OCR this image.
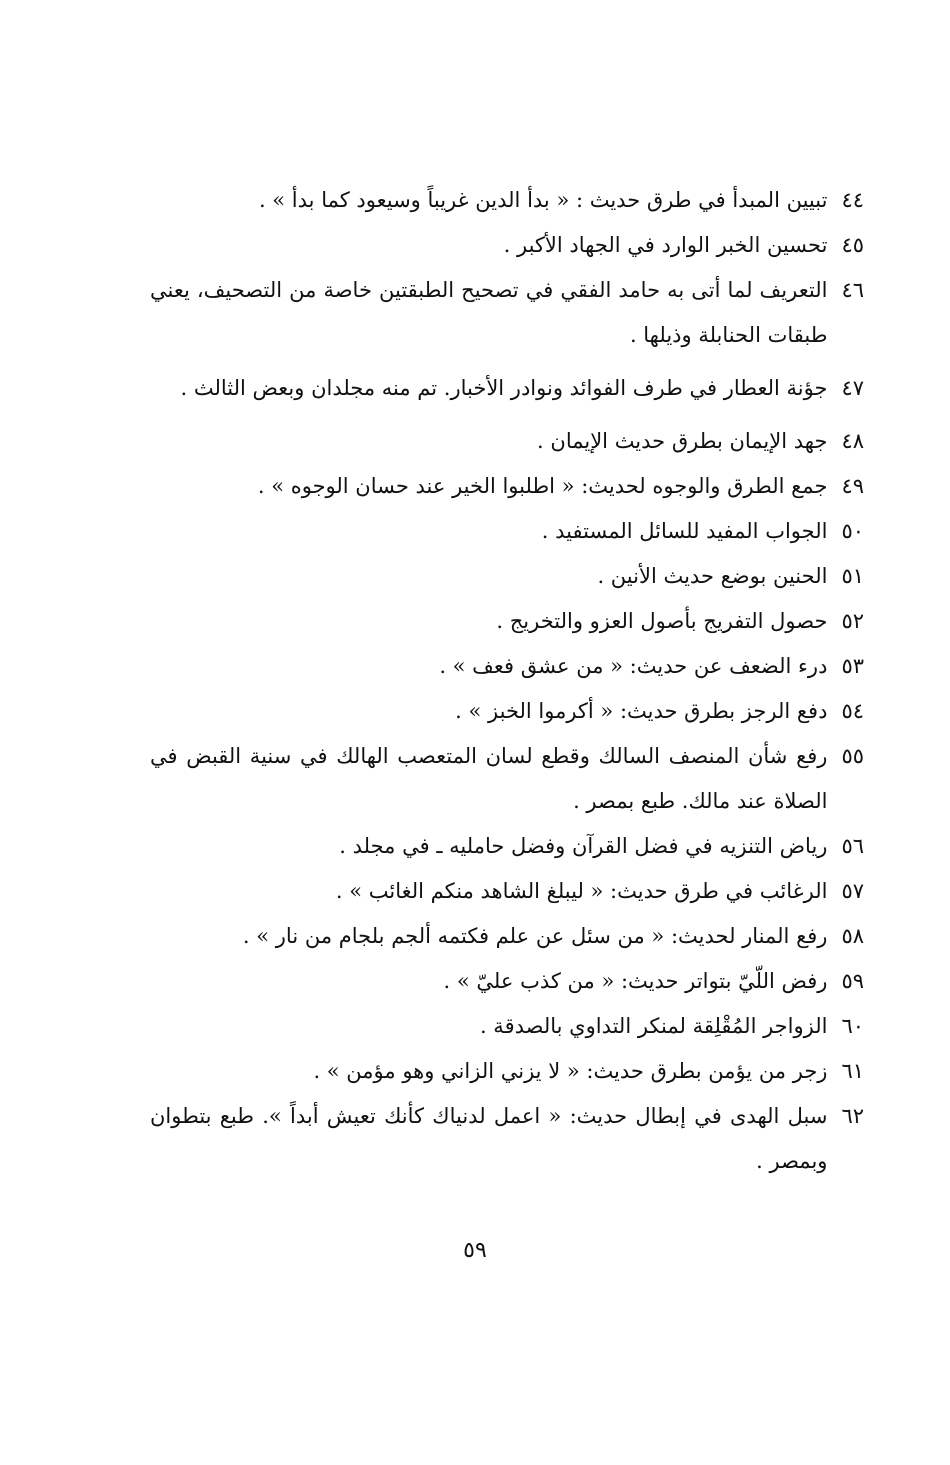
٤٤
تبيين المبدأ في طرق حديث : « بدأ الدين غريباً وسيعود كما بدأ » .
٤٥
تحسين الخبر الوارد في الجهاد الأكبر .
٤٦
التعريف لما أتى به حامد الفقي في تصحيح الطبقتين خاصة من التصحيف، يعني طبقات الحنابلة وذيلها .
٤٧
جؤنة العطار في طرف الفوائد ونوادر الأخبار. تم منه مجلدان وبعض الثالث .
٤٨
جهد الإيمان بطرق حديث الإيمان .
٤٩
جمع الطرق والوجوه لحديث: « اطلبوا الخير عند حسان الوجوه » .
٥٠
الجواب المفيد للسائل المستفيد .
٥١
الحنين بوضع حديث الأنين .
٥٢
حصول التفريج بأصول العزو والتخريج .
٥٣
درء الضعف عن حديث: « من عشق فعف » .
٥٤
دفع الرجز بطرق حديث: « أكرموا الخبز » .
٥٥
رفع شأن المنصف السالك وقطع لسان المتعصب الهالك في سنية القبض في الصلاة عند مالك. طبع بمصر .
٥٦
رياض التنزيه في فضل القرآن وفضل حامليه ـ في مجلد .
٥٧
الرغائب في طرق حديث: « ليبلغ الشاهد منكم الغائب » .
٥٨
رفع المنار لحديث: « من سئل عن علم فكتمه ألجم بلجام من نار » .
٥٩
رفض اللّيّ بتواتر حديث: « من كذب عليّ » .
٦٠
الزواجر المُقْلِقة لمنكر التداوي بالصدقة .
٦١
زجر من يؤمن بطرق حديث: « لا يزني الزاني وهو مؤمن » .
٦٢
سبل الهدى في إبطال حديث: « اعمل لدنياك كأنك تعيش أبداً ». طبع بتطوان وبمصر .
٥٩
